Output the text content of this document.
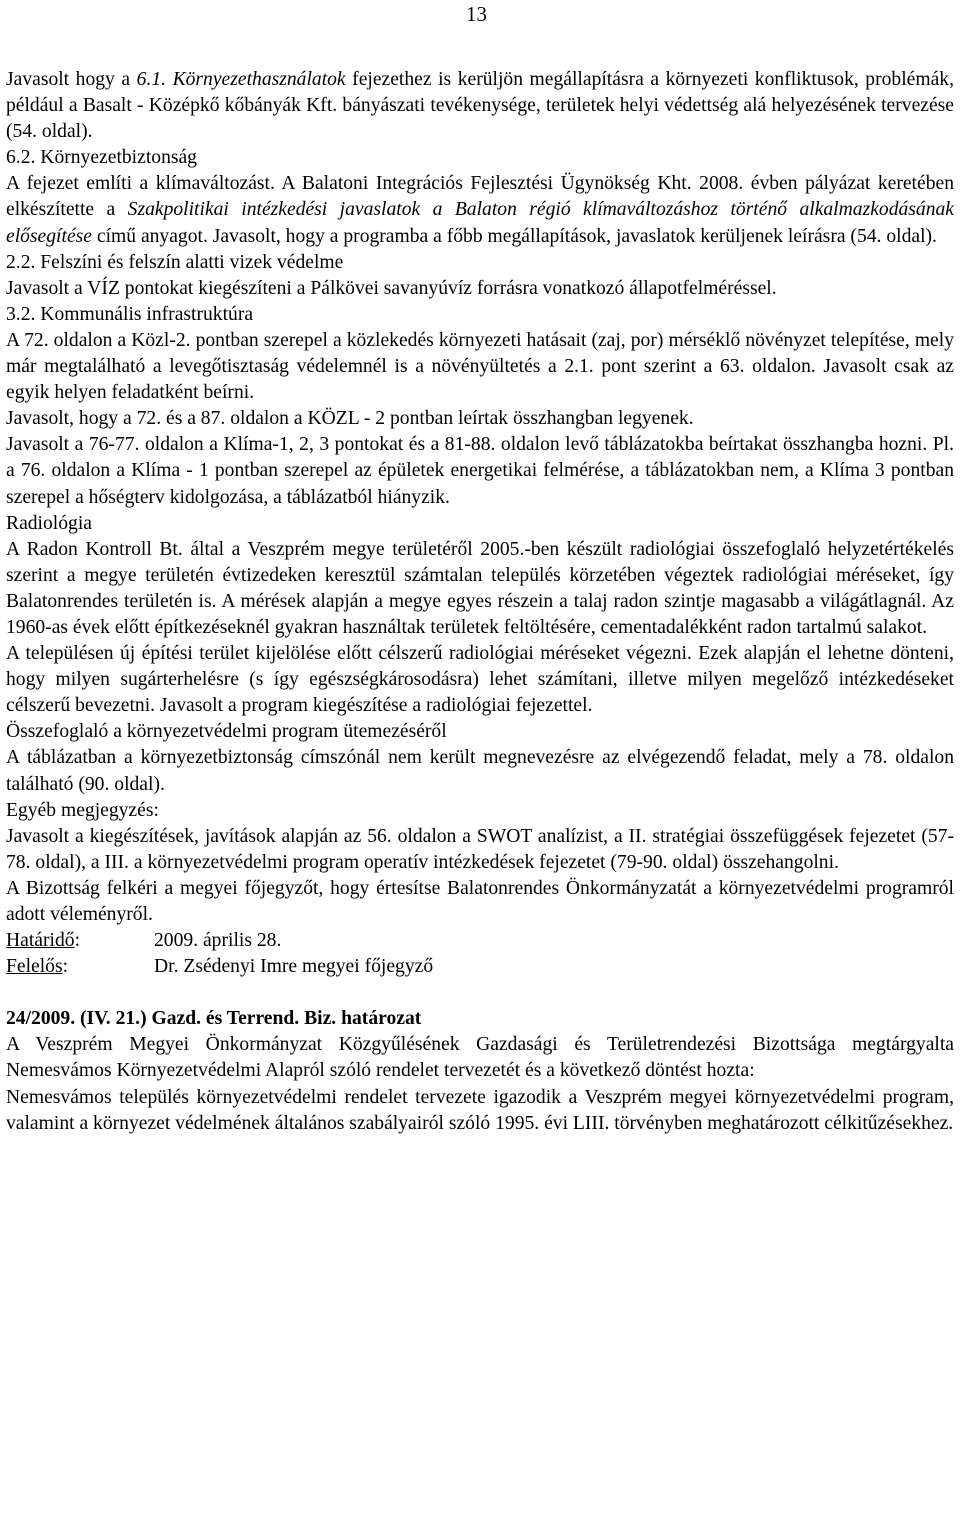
13

Javasolt hogy a 6.1. Környezethasználatok fejezethez is kerüljön megállapításra a környezeti konfliktusok, problémák, például a Basalt - Középkő kőbányák Kft. bányászati tevékenysége, területek helyi védettség alá helyezésének tervezése (54. oldal).

6.2. Környezetbiztonság

A fejezet említi a klímaváltozást. A Balatoni Integrációs Fejlesztési Ügynökség Kht. 2008. évben pályázat keretében elkészítette a Szakpolitikai intézkedési javaslatok a Balaton régió klímaváltozáshoz történő alkalmazkodásának elősegítése című anyagot. Javasolt, hogy a programba a főbb megállapítások, javaslatok kerüljenek leírásra (54. oldal).

2.2. Felszíni és felszín alatti vizek védelme

Javasolt a VÍZ pontokat kiegészíteni a Pálkövei savanyúvíz forrásra vonatkozó állapotfelméréssel.

3.2. Kommunális infrastruktúra

A 72. oldalon a Közl-2. pontban szerepel a közlekedés környezeti hatásait (zaj, por) mérséklő növényzet telepítése, mely már megtalálható a levegőtisztaság védelemnél is a növényültetés a 2.1. pont szerint a 63. oldalon. Javasolt csak az egyik helyen feladatként beírni.

Javasolt, hogy a 72. és a 87. oldalon a KÖZL - 2 pontban leírtak összhangban legyenek.

Javasolt a 76-77. oldalon a Klíma-1, 2, 3 pontokat és a 81-88. oldalon levő táblázatokba beírtakat összhangba hozni. Pl. a 76. oldalon a Klíma - 1 pontban szerepel az épületek energetikai felmérése, a táblázatokban nem, a Klíma 3 pontban szerepel a hőségterv kidolgozása, a táblázatból hiányzik.

Radiológia

A Radon Kontroll Bt. által a Veszprém megye területéről 2005.-ben készült radiológiai összefoglaló helyzetértékelés szerint a megye területén évtizedeken keresztül számtalan település körzetében végeztek radiológiai méréseket, így Balatonrendes területén is. A mérések alapján a megye egyes részein a talaj radon szintje magasabb a világátlagnál. Az 1960-as évek előtt építkezéseknél gyakran használtak területek feltöltésére, cementadalékként radon tartalmú salakot.

A településen új építési terület kijelölése előtt célszerű radiológiai méréseket végezni. Ezek alapján el lehetne dönteni, hogy milyen sugárterhelésre (s így egészségkárosodásra) lehet számítani, illetve milyen megelőző intézkedéseket célszerű bevezetni. Javasolt a program kiegészítése a radiológiai fejezettel.

Összefoglaló a környezetvédelmi program ütemezéséről

A táblázatban a környezetbiztonság címszónál nem került megnevezésre az elvégezendő feladat, mely a 78. oldalon található (90. oldal).

Egyéb megjegyzés:

Javasolt a kiegészítések, javítások alapján az 56. oldalon a SWOT analízist, a II. stratégiai összefüggések fejezetet (57-78. oldal), a III. a környezetvédelmi program operatív intézkedések fejezetet (79-90. oldal) összehangolni.

A Bizottság felkéri a megyei főjegyzőt, hogy értesítse Balatonrendes Önkormányzatát a környezetvédelmi programról adott véleményről.

Határidő:	2009. április 28.

Felelős:	Dr. Zsédenyi Imre megyei főjegyző

24/2009. (IV. 21.) Gazd. és Terrend. Biz. határozat

A Veszprém Megyei Önkormányzat Közgyűlésének Gazdasági és Területrendezési Bizottsága megtárgyalta Nemesvámos Környezetvédelmi Alapról szóló rendelet tervezetét és a következő döntést hozta:

Nemesvámos település környezetvédelmi rendelet tervezete igazodik a Veszprém megyei környezetvédelmi program, valamint a környezet védelmének általános szabályairól szóló 1995. évi LIII. törvényben meghatározott célkitűzésekhez.
